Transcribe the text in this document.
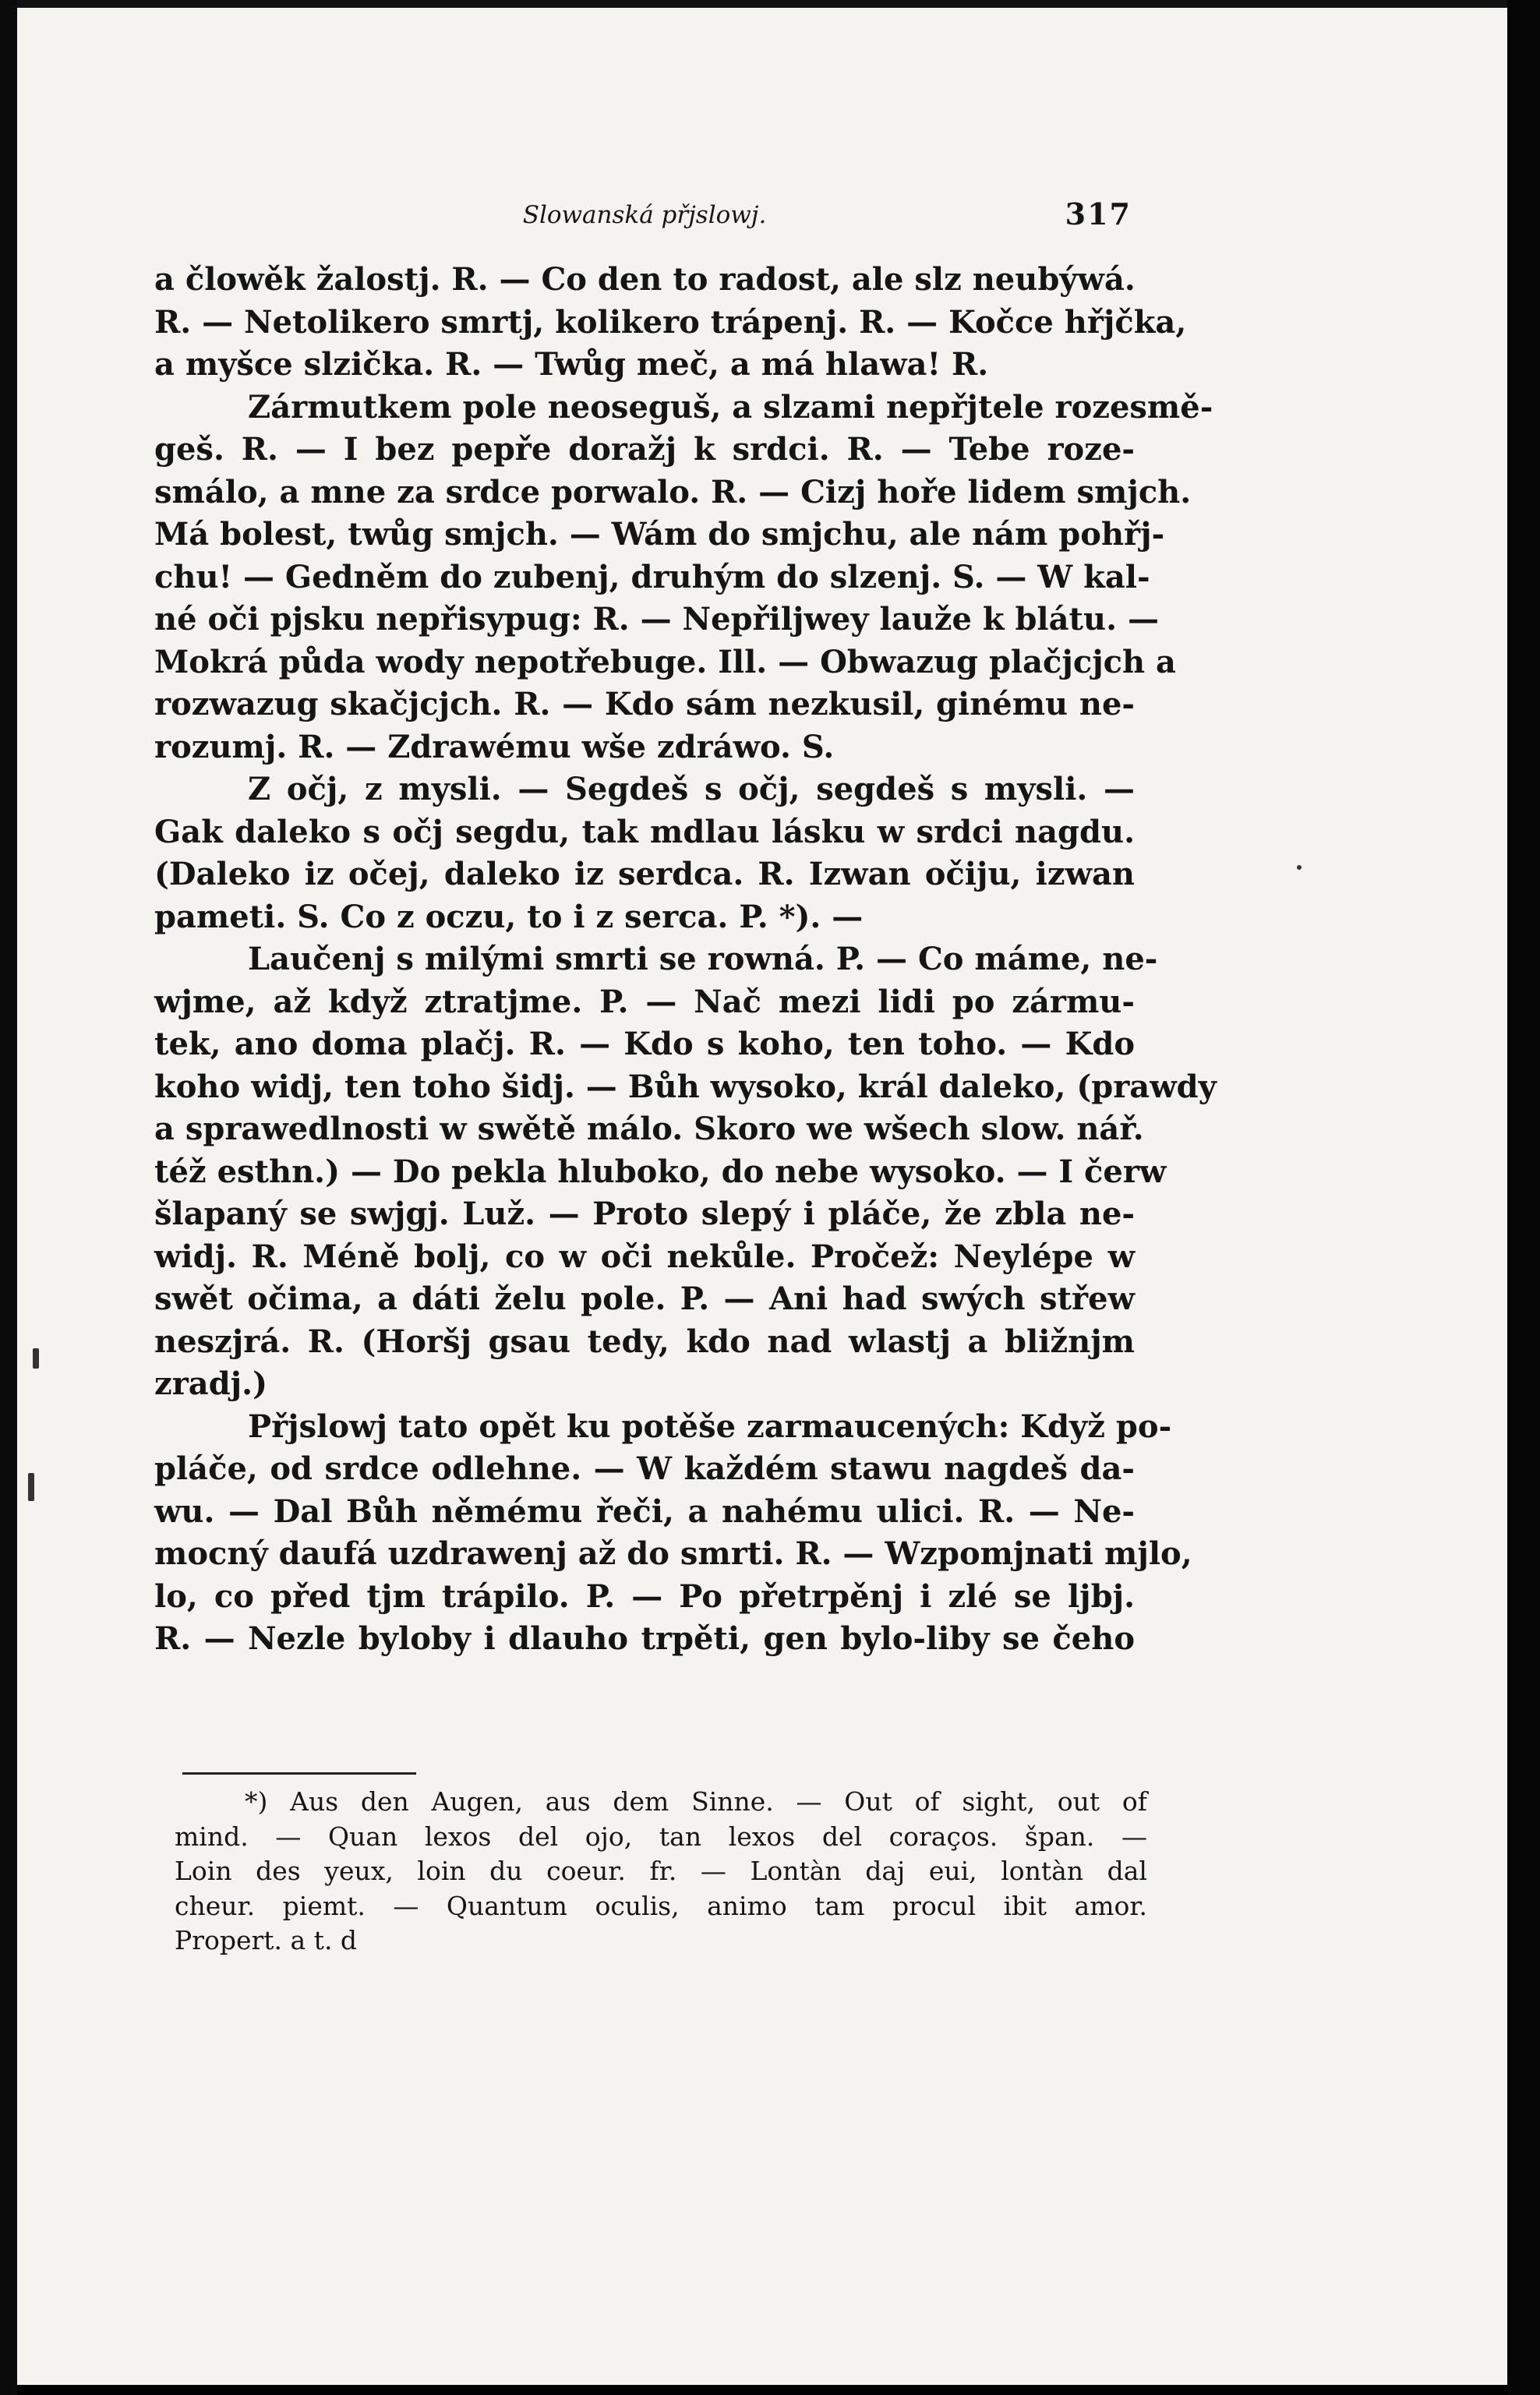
Slowanská přjslowj.	317
a člowěk žalostj. R. — Co den to radost, ale slz neubýwá.
R. — Netolikero smrtj, kolikero trápenj. R. — Kočce hřjčka,
a myšce slzička. R. — Twůg meč, a má hlawa! R.
Zármutkem pole neoseguš, a slzami nepřjtele rozesmě-
geš. R. — I bez pepře doražj k srdci. R. — Tebe roze-
smálo, a mne za srdce porwalo. R. — Cizj hoře lidem smjch.
Má bolest, twůg smjch. — Wám do smjchu, ale nám pohřj-
chu! — Gedněm do zubenj, druhým do slzenj. S. — W kal-
né oči pjsku nepřisypug: R. — Nepřiljwey lauže k blátu. —
Mokrá půda wody nepotřebuge. Ill. — Obwazug plačjcjch a
rozwazug skačjcjch. R. — Kdo sám nezkusil, ginému ne-
rozumj. R. — Zdrawému wše zdráwo. S.
Z očj, z mysli. — Segdeš s očj, segdeš s mysli. —
Gak daleko s očj segdu, tak mdlau lásku w srdci nagdu.
(Daleko iz očej, daleko iz serdca. R. Izwan očiju, izwan
pameti. S. Co z oczu, to i z serca. P. *). —
Laučenj s milými smrti se rowná. P. — Co máme, ne-
wjme, až když ztratjme. P. — Nač mezi lidi po zármu-
tek, ano doma plačj. R. — Kdo s koho, ten toho. — Kdo
koho widj, ten toho šidj. — Bůh wysoko, král daleko, (prawdy
a sprawedlnosti w swětě málo. Skoro we wšech slow. nář.
též esthn.) — Do pekla hluboko, do nebe wysoko. — I čerw
šlapaný se swjgj. Luž. — Proto slepý i pláče, že zbla ne-
widj. R. Méně bolj, co w oči nekůle. Pročež: Neylépe w
swět očima, a dáti želu pole. P. — Ani had swých střew
neszjrá. R. (Horšj gsau tedy, kdo nad wlastj a bližnjm
zradj.)
Přjslowj tato opět ku potěše zarmaucených: Když po-
pláče, od srdce odlehne. — W každém stawu nagdeš da-
wu. — Dal Bůh němému řeči, a nahému ulici. R. — Ne-
mocný daufá uzdrawenj až do smrti. R. — Wzpomjnati mjlo,
lo, co před tjm trápilo. P. — Po přetrpěnj i zlé se ljbj.
R. — Nezle byloby i dlauho trpěti, gen bylo-liby se čeho
*) Aus den Augen, aus dem Sinne. — Out of sight, out of
mind. — Quan lexos del ojo, tan lexos del coraços. špan. —
Loin des yeux, loin du coeur. fr. — Lontàn daj eui, lontàn dal
cheur. piemt. — Quantum oculis, animo tam procul ibit amor.
Propert. a t. d
